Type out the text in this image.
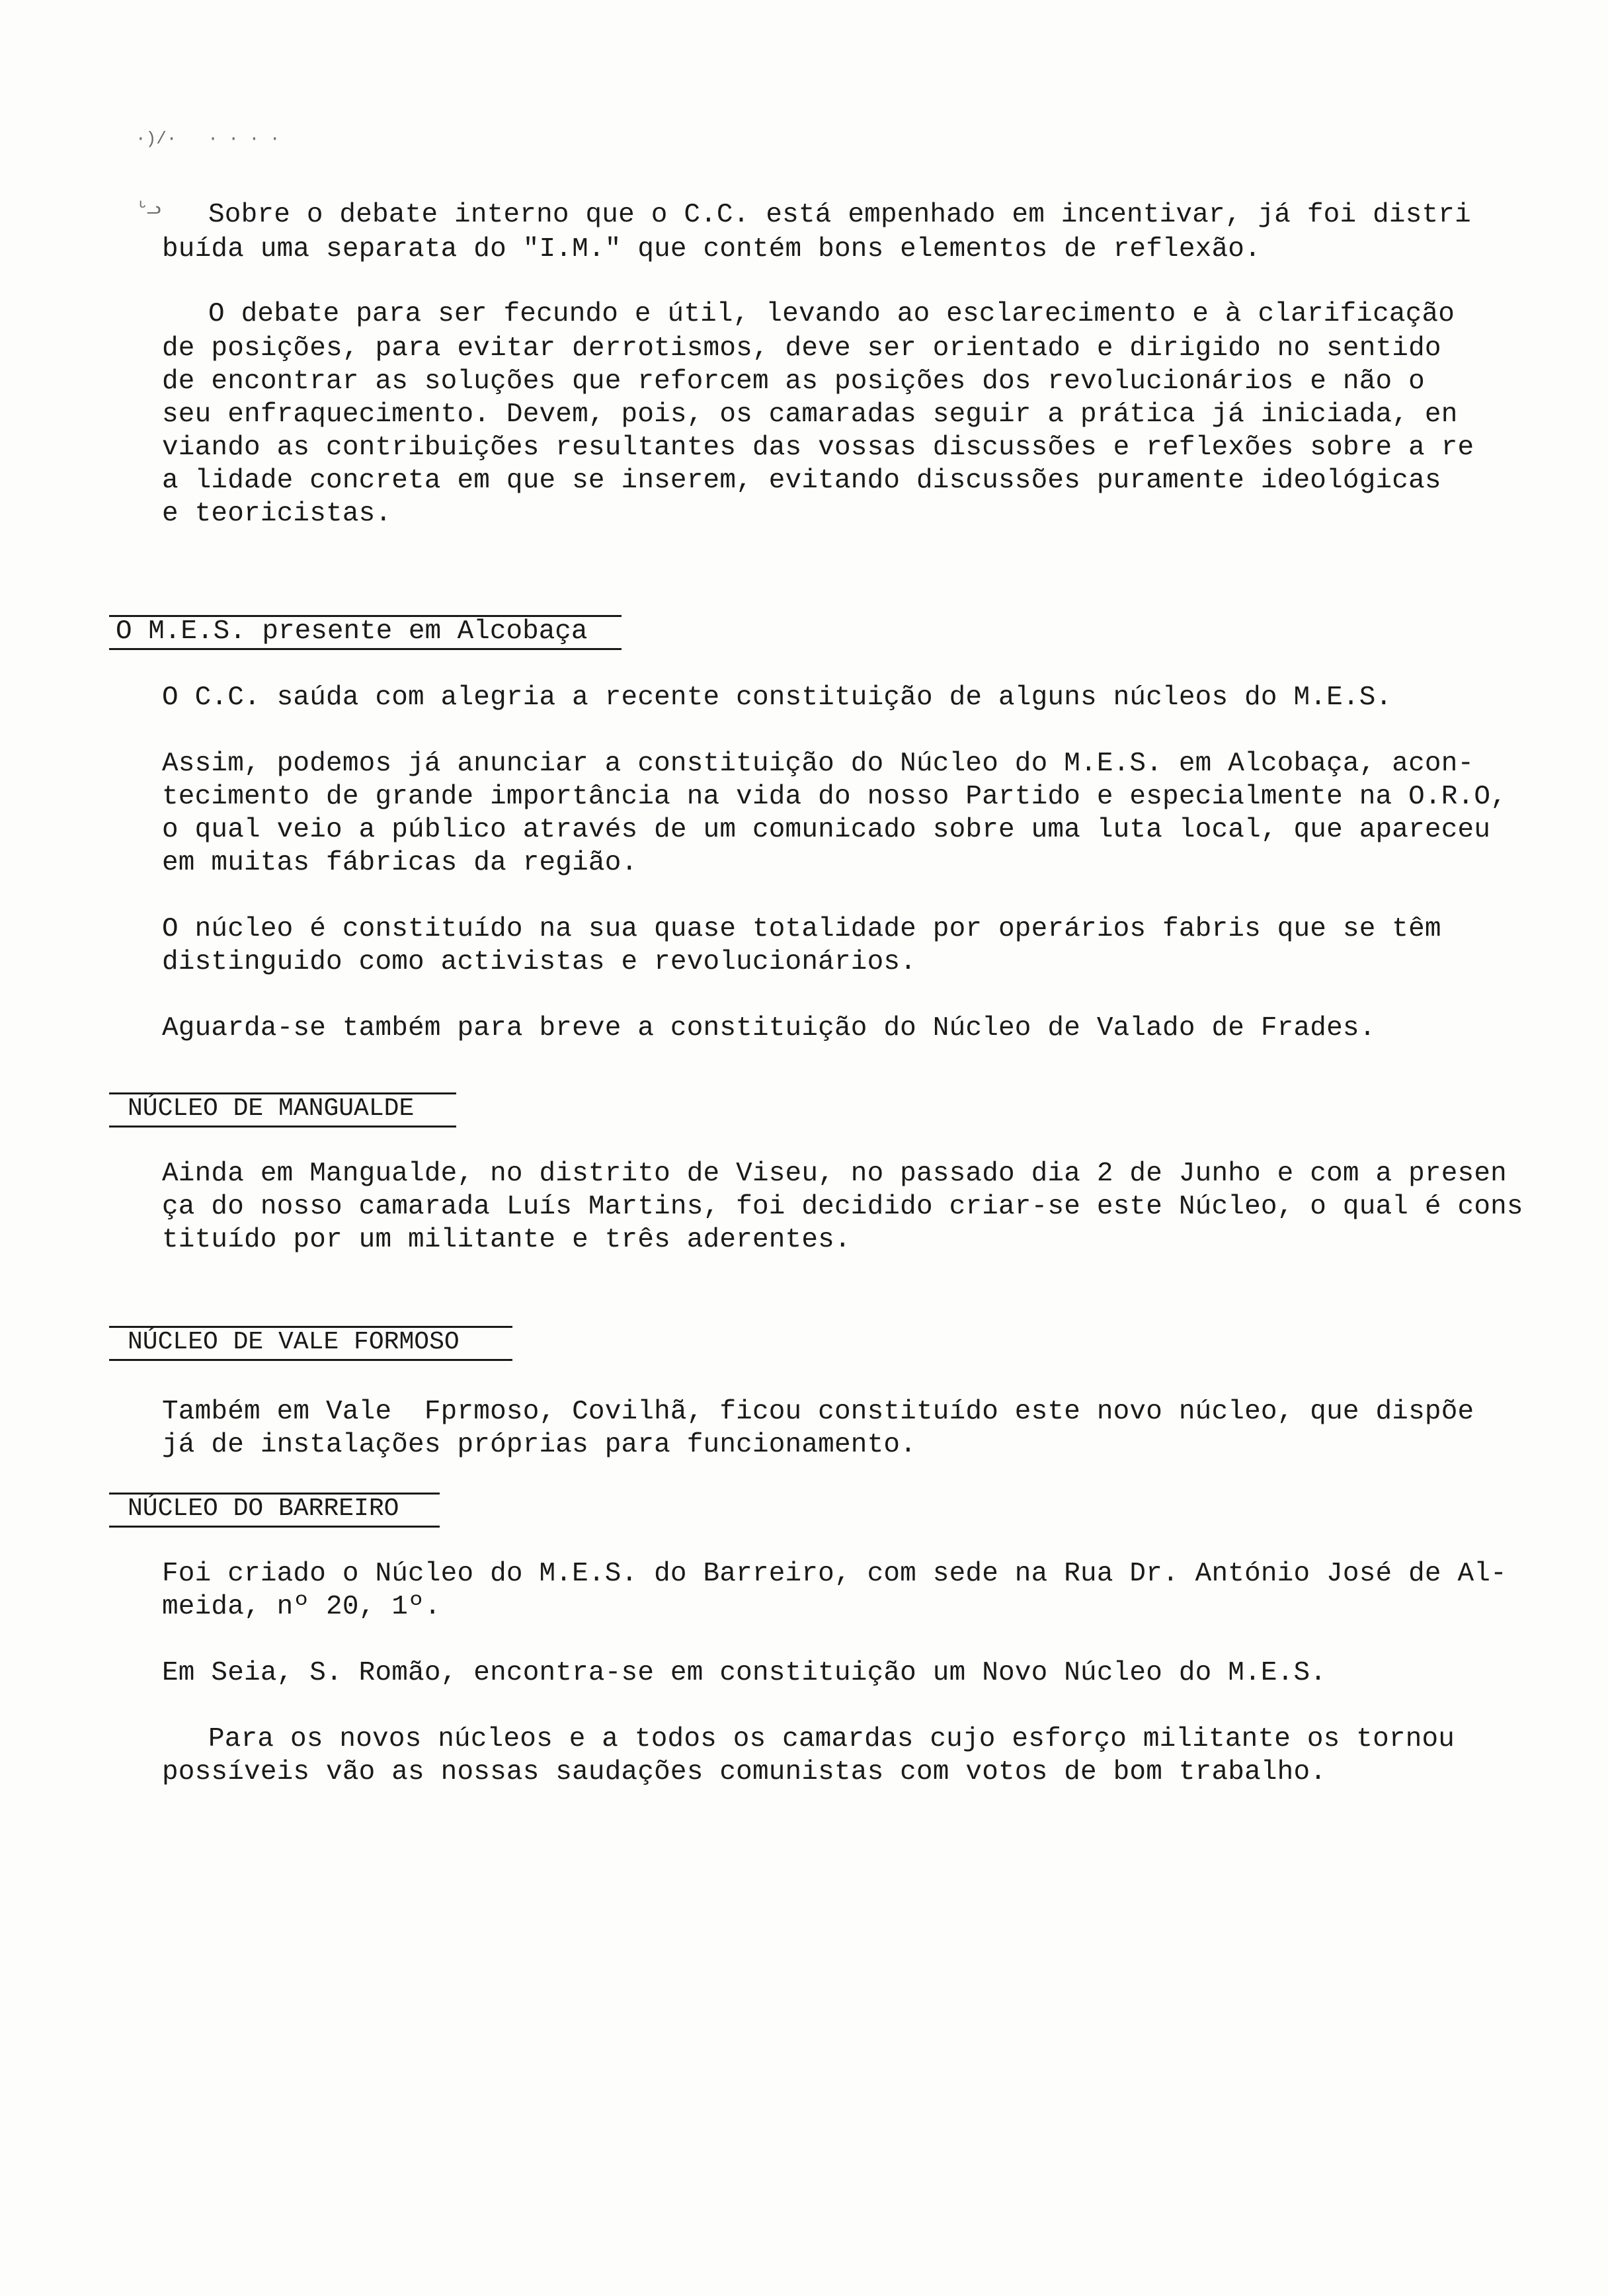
·)/·   · · · ·
ᒡᓗ Sobre o debate interno que o C.C. está empenhado em incentivar, já foi distri
buída uma separata do "I.M." que contém bons elementos de reflexão.
O debate para ser fecundo e útil, levando ao esclarecimento e à clarificação
de posições, para evitar derrotismos, deve ser orientado e dirigido no sentido
de encontrar as soluções que reforcem as posições dos revolucionários e não o
seu enfraquecimento. Devem, pois, os camaradas seguir a prática já iniciada, en
viando as contribuições resultantes das vossas discussões e reflexões sobre a re
a lidade concreta em que se inserem, evitando discussões puramente ideológicas
e teoricistas.
O M.E.S. presente em Alcobaça
O C.C. saúda com alegria a recente constituição de alguns núcleos do M.E.S.
Assim, podemos já anunciar a constituição do Núcleo do M.E.S. em Alcobaça, acon-
tecimento de grande importância na vida do nosso Partido e especialmente na O.R.O,
o qual veio a público através de um comunicado sobre uma luta local, que apareceu
em muitas fábricas da região.
O núcleo é constituído na sua quase totalidade por operários fabris que se têm
distinguido como activistas e revolucionários.
Aguarda-se também para breve a constituição do Núcleo de Valado de Frades.
NÚCLEO DE MANGUALDE
Ainda em Mangualde, no distrito de Viseu, no passado dia 2 de Junho e com a presen
ça do nosso camarada Luís Martins, foi decidido criar-se este Núcleo, o qual é cons
tituído por um militante e três aderentes.
NÚCLEO DE VALE FORMOSO
Também em Vale  Fprmoso, Covilhã, ficou constituído este novo núcleo, que dispõe
já de instalações próprias para funcionamento.
NÚCLEO DO BARREIRO
Foi criado o Núcleo do M.E.S. do Barreiro, com sede na Rua Dr. António José de Al-
meida, nº 20, 1º.
Em Seia, S. Romão, encontra-se em constituição um Novo Núcleo do M.E.S.
Para os novos núcleos e a todos os camardas cujo esforço militante os tornou
possíveis vão as nossas saudações comunistas com votos de bom trabalho.
